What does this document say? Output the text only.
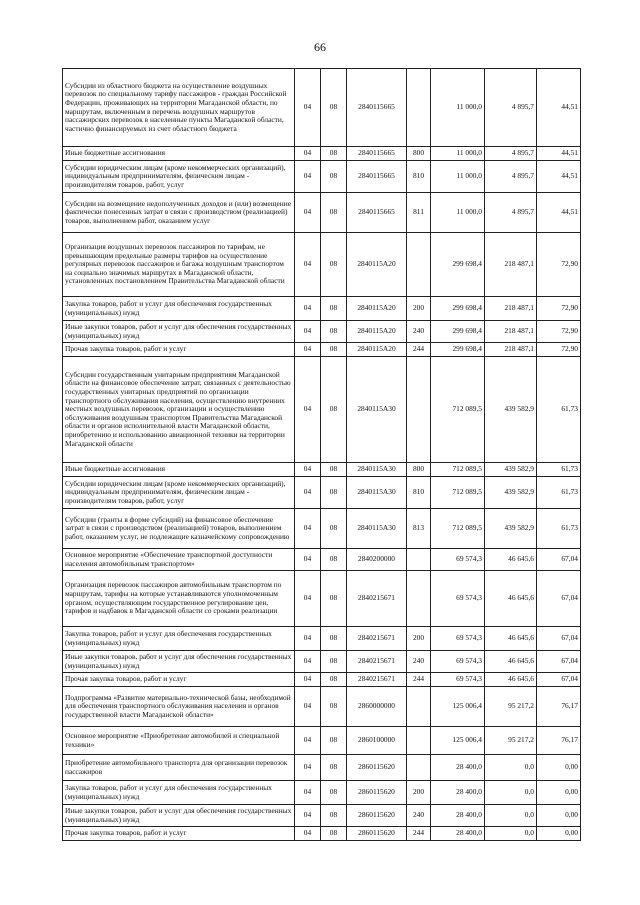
66
Субсидии из областного бюджета на осуществление воздушных перевозок по специальному тарифу пассажиров - граждан Российской Федерации, проживающих на территории Магаданской области, по маршрутам, включенным в перечень воздушных маршрутов пассажирских перевозок в населенные пункты Магаданской области, частично финансируемых из счет областного бюджета	04	08	2840115665		11 000,0	4 895,7	44,51
Иные бюджетные ассигнования	04	08	2840115665	800	11 000,0	4 895,7	44,51
Субсидии юридическим лицам (кроме некоммерческих организаций), индивидуальным предпринимателям, физическим лицам - производителям товаров, работ, услуг	04	08	2840115665	810	11 000,0	4 895,7	44,51
Субсидии на возмещение недополученных доходов и (или) возмещение фактически понесенных затрат в связи с производством (реализацией) товаров, выполнением работ, оказанием услуг	04	08	2840115665	811	11 000,0	4 895,7	44,51
Организация воздушных перевозок пассажиров по тарифам, не превышающим предельные размеры тарифов на осуществление регулярных перевозок пассажиров и багажа воздушным транспортом на социально значимых маршрутах в Магаданской области, установленных постановлением Правительства Магаданской области	04	08	2840115A20		299 698,4	218 487,1	72,90
Закупка товаров, работ и услуг для обеспечения государственных (муниципальных) нужд	04	08	2840115A20	200	299 698,4	218 487,1	72,90
Иные закупки товаров, работ и услуг для обеспечения государственных (муниципальных) нужд	04	08	2840115A20	240	299 698,4	218 487,1	72,90
Прочая закупка товаров, работ и услуг	04	08	2840115A20	244	299 698,4	218 487,1	72,90
Субсидии государственным унитарным предприятиям Магаданской области на финансовое обеспечение затрат, связанных с деятельностью государственных унитарных предприятий по организации транспортного обслуживания населения, осуществлению внутренних местных воздушных перевозок, организации и осуществлению обслуживания воздушным транспортом Правительства Магаданской области и органов исполнительной власти Магаданской области, приобретению и использованию авиационной техники на территории Магаданской области	04	08	2840115A30		712 089,5	439 582,9	61,73
Иные бюджетные ассигнования	04	08	2840115A30	800	712 089,5	439 582,9	61,73
Субсидии юридическим лицам (кроме некоммерческих организаций), индивидуальным предпринимателям, физическим лицам - производителям товаров, работ, услуг	04	08	2840115A30	810	712 089,5	439 582,9	61,73
Субсидии (гранты в форме субсидий) на финансовое обеспечение затрат в связи с производством (реализацией) товаров, выполнением работ, оказанием услуг, не подлежащие казначейскому сопровождению	04	08	2840115A30	813	712 089,5	439 582,9	61,73
Основное мероприятие «Обеспечение транспортной доступности населения автомобильным транспортом»	04	08	2840200000		69 574,3	46 645,6	67,04
Организация перевозок пассажиров автомобильным транспортом по маршрутам, тарифы на которые устанавливаются уполномоченным органом, осуществляющим государственное регулирование цен, тарифов и надбавок в Магаданской области со сроками реализации	04	08	2840215671		69 574,3	46 645,6	67,04
Закупка товаров, работ и услуг для обеспечения государственных (муниципальных) нужд	04	08	2840215671	200	69 574,3	46 645,6	67,04
Иные закупки товаров, работ и услуг для обеспечения государственных (муниципальных) нужд	04	08	2840215671	240	69 574,3	46 645,6	67,04
Прочая закупка товаров, работ и услуг	04	08	2840215671	244	69 574,3	46 645,6	67,04
Подпрограмма «Развитие материально-технической базы, необходимой для обеспечения транспортного обслуживания населения и органов государственной власти Магаданской области»	04	08	2860000000		125 006,4	95 217,2	76,17
Основное мероприятие «Приобретение автомобилей и специальной техники»	04	08	2860100000		125 006,4	95 217,2	76,17
Приобретение автомобильного транспорта для организации перевозок пассажиров	04	08	2860115620		28 400,0	0,0	0,00
Закупка товаров, работ и услуг для обеспечения государственных (муниципальных) нужд	04	08	2860115620	200	28 400,0	0,0	0,00
Иные закупки товаров, работ и услуг для обеспечения государственных (муниципальных) нужд	04	08	2860115620	240	28 400,0	0,0	0,00
Прочая закупка товаров, работ и услуг	04	08	2860115620	244	28 400,0	0,0	0,00
